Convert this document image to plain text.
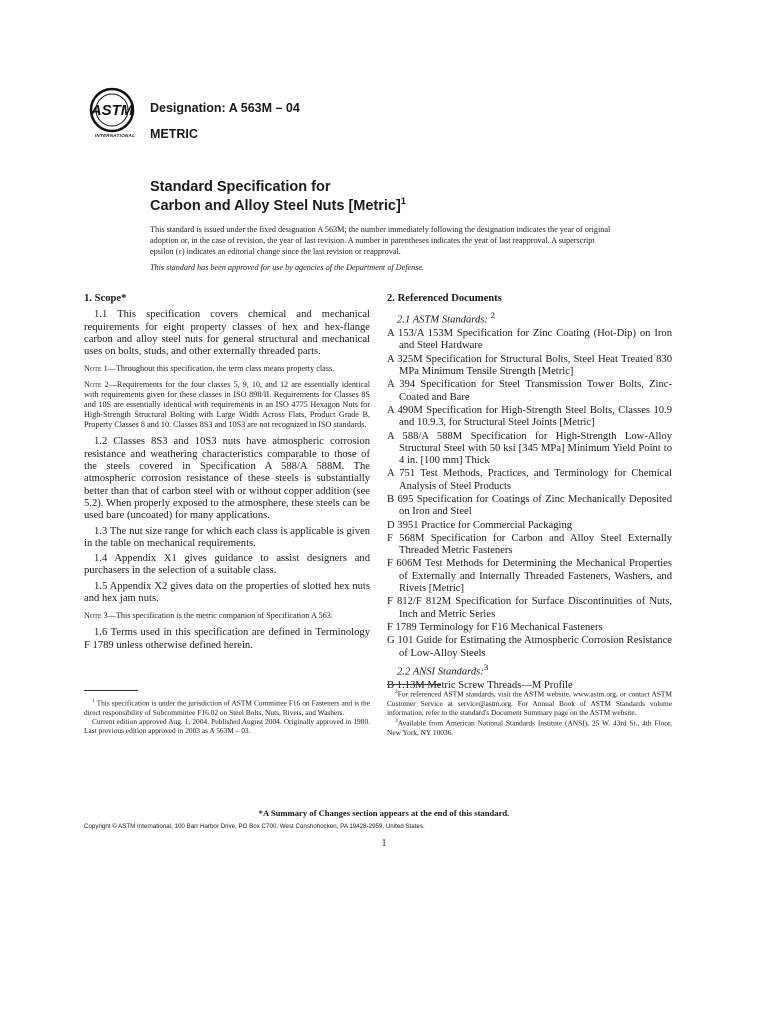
ASTM
INTERNATIONAL
Designation: A 563M – 04
METRIC
Standard Specification for
Carbon and Alloy Steel Nuts [Metric]$^1$
This standard is issued under the fixed designation A 563M; the number immediately following the designation indicates the year of original adoption or, in the case of revision, the year of last revision. A number in parentheses indicates the year of last reapproval. A superscript epsilon (ε) indicates an editorial change since the last revision or reapproval.
This standard has been approved for use by agencies of the Department of Defense.
1. Scope*

1.1 This specification covers chemical and mechanical requirements for eight property classes of hex and hex-flange carbon and alloy steel nuts for general structural and mechanical uses on bolts, studs, and other externally threaded parts.

Note 1—Throughout this specification, the term class means property class.

Note 2—Requirements for the four classes 5, 9, 10, and 12 are essentially identical with requirements given for these classes in ISO 898/II. Requirements for Classes 8S and 10S are essentially identical with requirements in an ISO 4775 Hexagon Nuts for High-Strength Structural Bolting with Large Width Across Flats, Product Grade B, Property Classes 8 and 10. Classes 8S3 and 10S3 are not recognized in ISO standards.

1.2 Classes 8S3 and 10S3 nuts have atmospheric corrosion resistance and weathering characteristics comparable to those of the steels covered in Specification A 588/A 588M. The atmospheric corrosion resistance of these steels is substantially better than that of carbon steel with or without copper addition (see 5.2). When properly exposed to the atmosphere, these steels can be used bare (uncoated) for many applications.

1.3 The nut size range for which each class is applicable is given in the table on mechanical requirements.

1.4 Appendix X1 gives guidance to assist designers and purchasers in the selection of a suitable class.

1.5 Appendix X2 gives data on the properties of slotted hex nuts and hex jam nuts.

Note 3—This specification is the metric companion of Specification A 563.

1.6 Terms used in this specification are defined in Terminology F 1789 unless otherwise defined herein.

2. Referenced Documents
2.1 ASTM Standards: $^2$
A 153/A 153M Specification for Zinc Coating (Hot-Dip) on Iron and Steel Hardware
A 325M Specification for Structural Bolts, Steel Heat Treated 830 MPa Minimum Tensile Strength [Metric]
A 394 Specification for Steel Transmission Tower Bolts, Zinc-Coated and Bare
A 490M Specification for High-Strength Steel Bolts, Classes 10.9 and 10.9.3, for Structural Steel Joints [Metric]
A 588/A 588M Specification for High-Strength Low-Alloy Structural Steel with 50 ksi [345 MPa] Minimum Yield Point to 4 in. [100 mm] Thick
A 751 Test Methods, Practices, and Terminology for Chemical Analysis of Steel Products
B 695 Specification for Coatings of Zinc Mechanically Deposited on Iron and Steel
D 3951 Practice for Commercial Packaging
F 568M Specification for Carbon and Alloy Steel Externally Threaded Metric Fasteners
F 606M Test Methods for Determining the Mechanical Properties of Externally and Internally Threaded Fasteners, Washers, and Rivets [Metric]
F 812/F 812M Specification for Surface Discontinuities of Nuts, Inch and Metric Series
F 1789 Terminology for F16 Mechanical Fasteners
G 101 Guide for Estimating the Atmospheric Corrosion Resistance of Low-Alloy Steels
2.2 ANSI Standards:$^3$
B 1.13M Metric Screw Threads—M Profile

$^1$ This specification is under the jurisdiction of ASTM Committee F16 on Fasteners and is the direct responsibility of Subcommittee F16.02 on Steel Bolts, Nuts, Rivets, and Washers.

Current edition approved Aug. 1, 2004. Published August 2004. Originally approved in 1980. Last previous edition approved in 2003 as A 563M – 03.

$^2$For referenced ASTM standards, visit the ASTM website, www.astm.org, or contact ASTM Customer Service at service@astm.org. For Annual Book of ASTM Standards volume information, refer to the standard's Document Summary page on the ASTM website.

$^3$Available from American National Standards Institute (ANSI), 25 W. 43rd St., 4th Floor, New York, NY 10036.

*A Summary of Changes section appears at the end of this standard.
Copyright © ASTM International, 100 Barr Harbor Drive, PO Box C700, West Conshohocken, PA 19428-2959, United States.
1
